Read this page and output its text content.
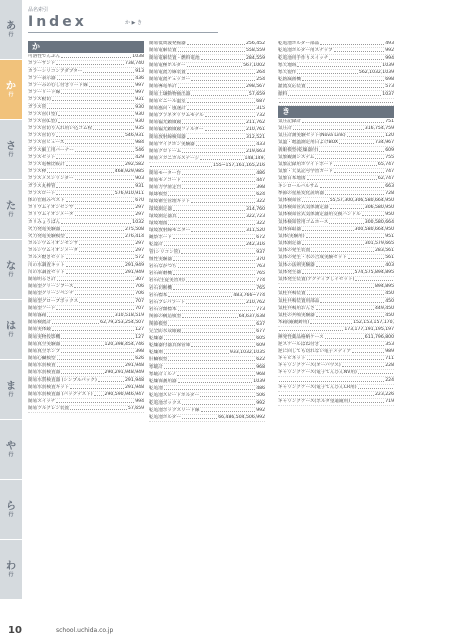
あ
行
か
行
さ
行
た
行
な
行
は
行
ま
行
や
行
ら
行
わ
行
品名索引
Index	か ▶ き
か
可溶性でんぷん	1038
カラーサンド	738,740
カラーシリコンアダプター	913
カラー表示器	436
カラーみのむし付きリード線	997
カラーリード線	997
ガラス板切	931
ガラス管	930
ガラス管(T型)	930
ガラス管(L型)	930
ガラス管切り入れ用い込ゴム栓	935
ガラス管切り	546,931
ガラス管ヒューズ	984
ガラス細工用バーナー	546
ガラスセット	429
ガラス電極比較計	292,582
ガラス棒	468,929,985
ガラスメスシリンダー	903
ガラス丸棒管	931
ガラスロート	576,910,911
体の仕組みベスト	670
カリウムイオンセンサ	297
カリウムイオンメータ	297
カリみょうばん	1032
火力発電実験器	275,508
火力発電実験模型	276,414
カルシウムイオンセンサ	297
カルシウムイオンメータ	297
カルメ焼きセット	572
川の水調査キット	291,949
川の水調査セット	291,949
簡易明るさ計	307
簡易型クリーンブース	706
簡易型クリーンベンチ	706
簡易型グローブボックス	707
簡易型フード	707
簡易霧箱	310,518,519
簡易検流計	62,79,253,254,507
簡易実体鏡	127
簡易実物投影機	127
簡易真空実験器	120,398,454,746
簡易真空ポンプ	398
簡易心臓模型	626
簡易水質検査	291,948
簡易水質検査器	290,291,948,949
簡易水質検査器 (シンプルパック)	291,948
簡易水質検査キット	291,948
簡易水質検査器 (パックテスト)	290,590,946,947
簡易スイッチ	994
簡易ツルグレン装置	57,659
簡易低周波発振器	256,452
簡易電解装置	558,559
簡易電解装置・燃料電池	284,559
簡易電極ホルダー	567,1002
簡易電流力線装置	264
簡易電流チェッカー	254
簡易導電率計	298,567
簡易土壌動物抽出器	57,659
簡易ビニール温室	687
簡易風向・風速計	315
簡易プラネタリウムモデル	732
簡易偏光顕微鏡	211,762
簡易偏光顕微鏡フィルター	210,761
簡易放射線検知器	312,521
簡易マイクホン実験器	433
簡易クロトーム	219,663
簡易メカニカルステージ	148,149,
155~157,161,165,216
簡易モーター台	486
簡易モノコード	447
簡易力学滑走台	398
眼球模型	624
環境衛生管理キット	322
環境測定器	314,760
環境測定器具	322,723
環境地図	322
環境放射線モニター	311,520
観察ボード	672
乾湿計	242,316
管(シリコン管)	937
慣性実験器	370
岩石なかつち	763
岩石研磨機	765
岩石(生徒実習用)	774
岩石切断機	765
岩石標本	483,766~774
岩石プレパラート	210,762
岩石分類標本	773
関節の構造模型	64,637,638
関節模型	637
完全防水双眼鏡	677
乾燥器	605
乾燥器付器具保管庫	609
乾燥剤	933,1032,1035
肝臓模型	622
寒暖計	968
寒暖計ミルノ	968
乾燥保護用器	1039
乾電池	486
乾電池スピードホルダー	506
乾電池ボックス	992
乾電池ボックスリード線	992
乾電池ホルダー	66,486,504,506,992
乾電池ホルダー部品	493
乾電池ホルダー用スナップ	992
乾電池用手作りスイッチ	994
寒天地域	1039
寒天製作	562,1032,1039
乾熱滅菌機	698
灌流反応装置	573
顔料	1037
き
気圧記録計	751
気圧計	316,754,759
気圧計測実験セット(Nova Link)	120
気温・地温測定用日よけBOX	734,967
義眼模型(乾燥器付)	609
気象観測システム	755
気象記録用ホワイトボード	65,747
気象・天気記号学習カード	747
気象日本地図	62,747
キシロールバルサム	663
季節の星座変化説明器	728
気体検知管	55,57,300,306,580,664,950
気体検知管式気体測定器	306,580,950
気体検知管式気体測定器用交換ハンドル	950
気体検知管用ゴムホース	300,580,664
気体採取器	300,580,664,950
気体(実験用)	951
気体測定器	301,579,665
気体の発生装置	283,561
気体の発生・水の合成実験セット	561
気体の法則実験器	403
気体発生器	574,575,894,895
気体発生装置(アクティブしイセット)
894,895
気柱共鳴装置	450
気柱共鳴装置用部品	450
気柱共鳴用おんさ	449,450
気柱の共鳴実験器	450
木箱(銀鍍鋳用)	152,153,157,170,
173,177,191,195,197
揮発性薬品格納ケース	611,796,800
逆スケールばね付き	353
逆に回しても切れない電子メディア	989
キャビネット	711
キャリングケース(オーバウス)	228
キャリングケース(電子てんびんNV用)
224
キャリングケース(電子てんびんCR用)
223,226
キャリングケース(ポルタ望遠鏡用)	719
10	school.uchida.co.jp
